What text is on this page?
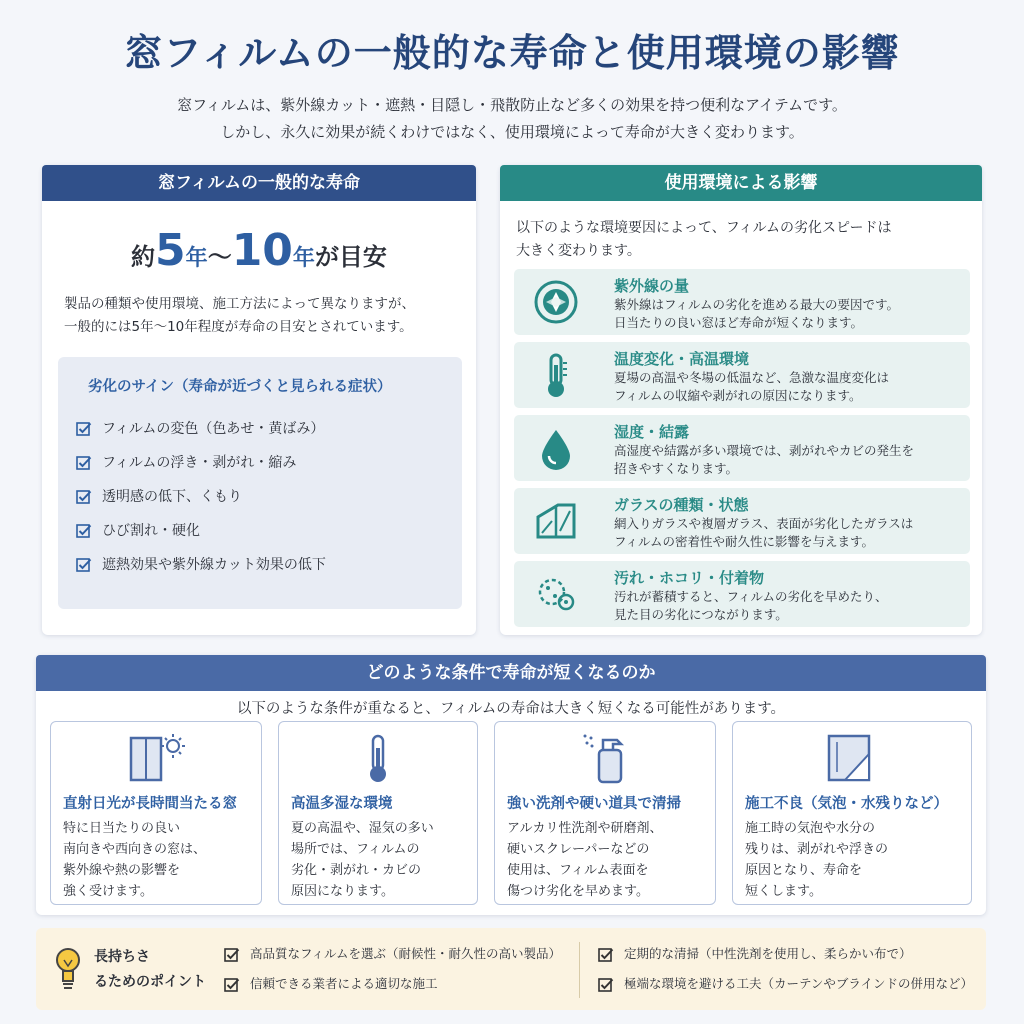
窓フィルムの一般的な寿命と使用環境の影響
窓フィルムは、紫外線カット・遮熱・目隠し・飛散防止など多くの効果を持つ便利なアイテムです。
しかし、永久に効果が続くわけではなく、使用環境によって寿命が大きく変わります。
窓フィルムの一般的な寿命
約5年〜10年が目安
製品の種類や使用環境、施工方法によって異なりますが、
一般的には5年〜10年程度が寿命の目安とされています。
劣化のサイン（寿命が近づくと見られる症状）
フィルムの変色（色あせ・黄ばみ）
フィルムの浮き・剥がれ・縮み
透明感の低下、くもり
ひび割れ・硬化
遮熱効果や紫外線カット効果の低下
使用環境による影響
以下のような環境要因によって、フィルムの劣化スピードは
大きく変わります。
紫外線の量
紫外線はフィルムの劣化を進める最大の要因です。
日当たりの良い窓ほど寿命が短くなります。
温度変化・高温環境
夏場の高温や冬場の低温など、急激な温度変化は
フィルムの収縮や剥がれの原因になります。
湿度・結露
高湿度や結露が多い環境では、剥がれやカビの発生を
招きやすくなります。
ガラスの種類・状態
網入りガラスや複層ガラス、表面が劣化したガラスは
フィルムの密着性や耐久性に影響を与えます。
汚れ・ホコリ・付着物
汚れが蓄積すると、フィルムの劣化を早めたり、
見た目の劣化につながります。
どのような条件で寿命が短くなるのか
以下のような条件が重なると、フィルムの寿命は大きく短くなる可能性があります。
直射日光が長時間当たる窓
特に日当たりの良い
南向きや西向きの窓は、
紫外線や熱の影響を
強く受けます。
高温多湿な環境
夏の高温や、湿気の多い
場所では、フィルムの
劣化・剥がれ・カビの
原因になります。
強い洗剤や硬い道具で清掃
アルカリ性洗剤や研磨剤、
硬いスクレーパーなどの
使用は、フィルム表面を
傷つけ劣化を早めます。
施工不良（気泡・水残りなど）
施工時の気泡や水分の
残りは、剥がれや浮きの
原因となり、寿命を
短くします。
長持ちさ
るためのポイント
高品質なフィルムを選ぶ（耐候性・耐久性の高い製品）
信頼できる業者による適切な施工
定期的な清掃（中性洗剤を使用し、柔らかい布で）
極端な環境を避ける工夫（カーテンやブラインドの併用など）
